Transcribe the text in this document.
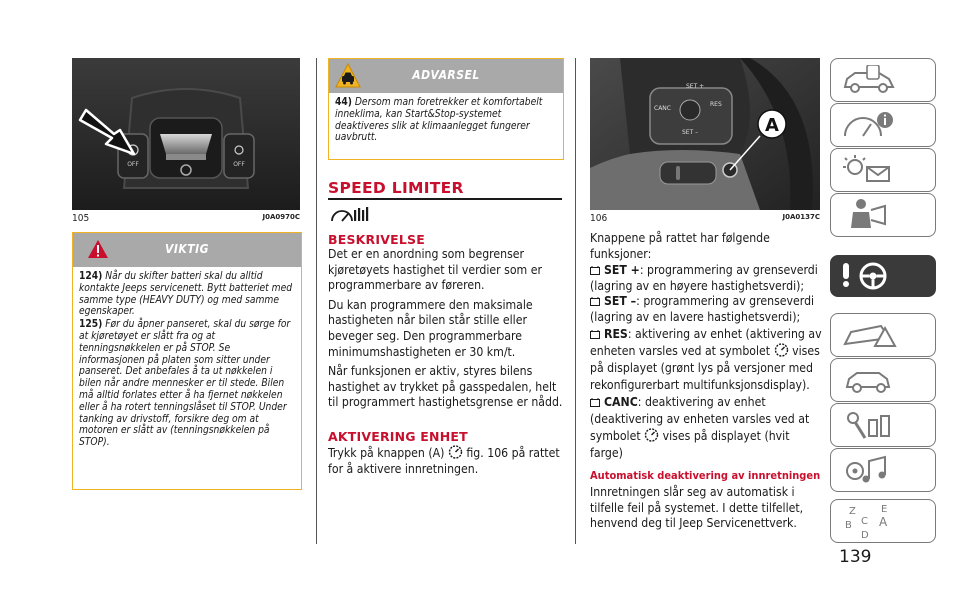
OFF	OFF
105	J0A0970C
VIKTIG
124) Når du skifter batteri skal du alltid kontakte Jeeps servicenett. Bytt batteriet med samme type (HEAVY DUTY) og med samme egenskaper.
125) Før du åpner panseret, skal du sørge for at kjøretøyet er slått fra og at tenningsnøkkelen er på STOP. Se informasjonen på platen som sitter under panseret. Det anbefales å ta ut nøkkelen i bilen når andre mennesker er til stede. Bilen må alltid forlates etter å ha fjernet nøkkelen eller å ha rotert tenningslåset til STOP. Under tanking av drivstoff, forsikre deg om at motoren er slått av (tenningsnøkkelen på STOP).
ADVARSEL
44) Dersom man foretrekker et komfortabelt inneklima, kan Start&Stop-systemet deaktiveres slik at klimaanlegget fungerer uavbrutt.
SPEED LIMITER
BESKRIVELSE

Det er en anordning som begrenser kjøretøyets hastighet til verdier som er programmerbare av føreren.

Du kan programmere den maksimale hastigheten når bilen står stille eller beveger seg. Den programmerbare minimumshastigheten er 30 km/t.

Når funksjonen er aktiv, styres bilens hastighet av trykket på gasspedalen, helt til programmert hastighetsgrense er nådd.

AKTIVERING ENHET
Trykk på knappen (A) fig. 106 på rattet for å aktivere innretningen.
SET +
RES
CANC
SET –	A
106	J0A0137C

Knappene på rattet har følgende funksjoner:

SET +: programmering av grenseverdi (lagring av en høyere hastighetsverdi);
SET –: programmering av grenseverdi (lagring av en lavere hastighetsverdi);
RES: aktivering av enhet (aktivering av enheten varsles ved at symbolet vises på displayet (grønt lys på versjoner med rekonfigurerbart multifunksjonsdisplay).
CANC: deaktivering av enhet (deaktivering av enheten varsles ved at symbolet vises på displayet (hvit farge)
Automatisk deaktivering av innretningen

Innretningen slår seg av automatisk i tilfelle feil på systemet. I dette tilfellet, henvend deg til Jeep Servicenettverk.

Z	E
B C A
D
139
